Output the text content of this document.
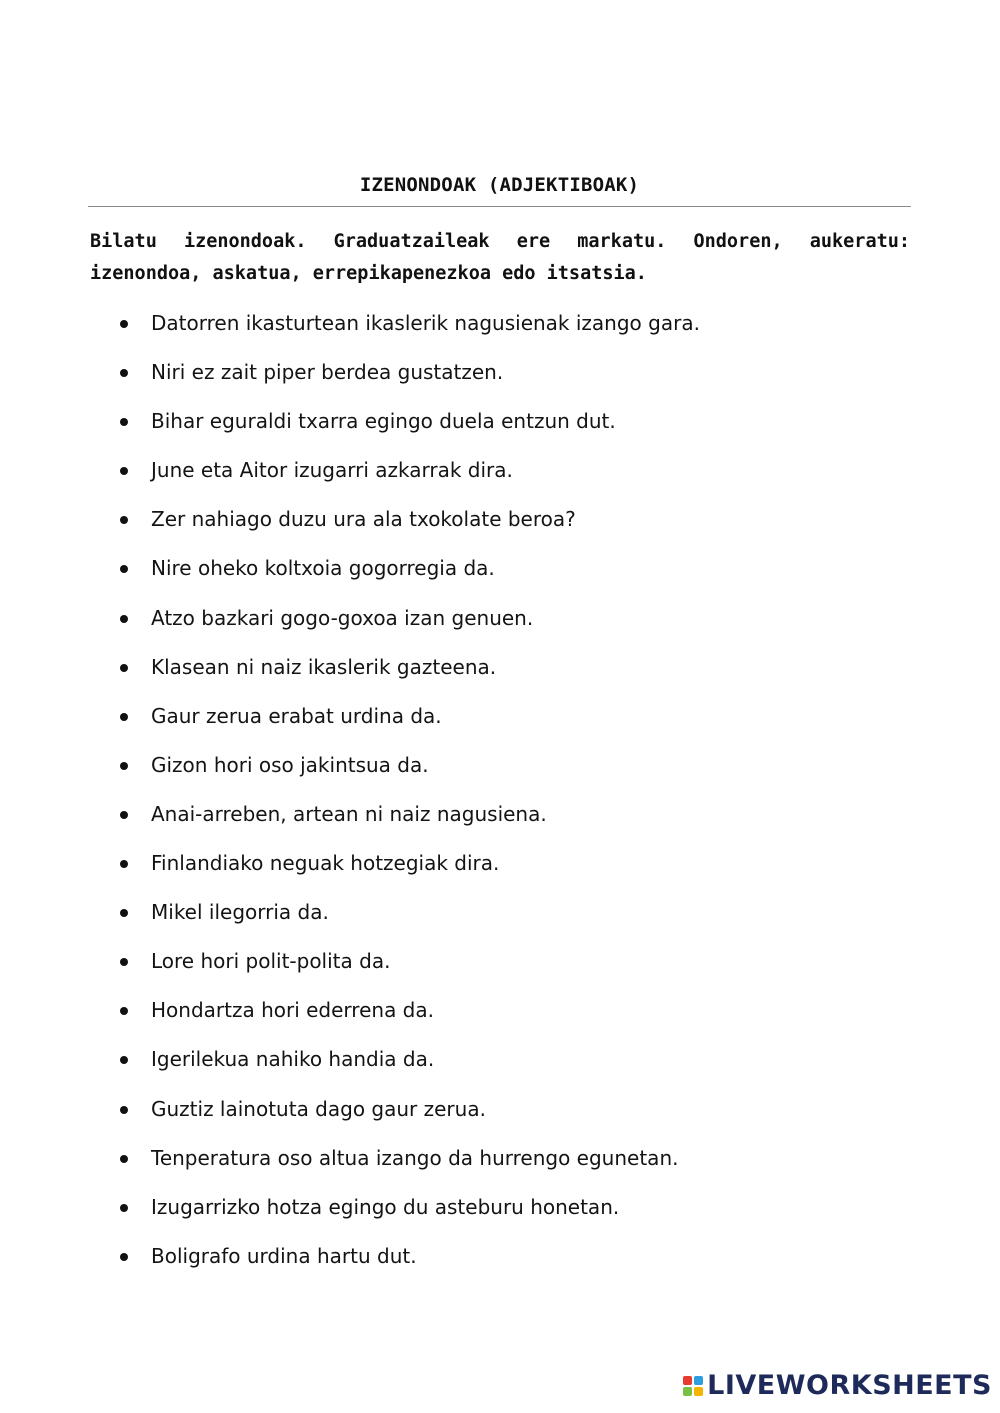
IZENONDOAK (ADJEKTIBOAK)
Bilatu izenondoak. Graduatzaileak ere markatu. Ondoren, aukeratu: izenondoa, askatua, errepikapenezkoa edo itsatsia.
Datorren ikasturtean ikaslerik nagusienak izango gara.
Niri ez zait piper berdea gustatzen.
Bihar eguraldi txarra egingo duela entzun dut.
June eta Aitor izugarri azkarrak dira.
Zer nahiago duzu ura ala txokolate beroa?
Nire oheko koltxoia gogorregia da.
Atzo bazkari gogo-goxoa izan genuen.
Klasean ni naiz ikaslerik gazteena.
Gaur zerua erabat urdina da.
Gizon hori oso jakintsua da.
Anai-arreben, artean ni naiz nagusiena.
Finlandiako neguak hotzegiak dira.
Mikel ilegorria da.
Lore hori polit-polita da.
Hondartza hori ederrena da.
Igerilekua nahiko handia da.
Guztiz lainotuta dago gaur zerua.
Tenperatura oso altua izango da hurrengo egunetan.
Izugarrizko hotza egingo du asteburu honetan.
Boligrafo urdina hartu dut.
LIVEWORKSHEETS
